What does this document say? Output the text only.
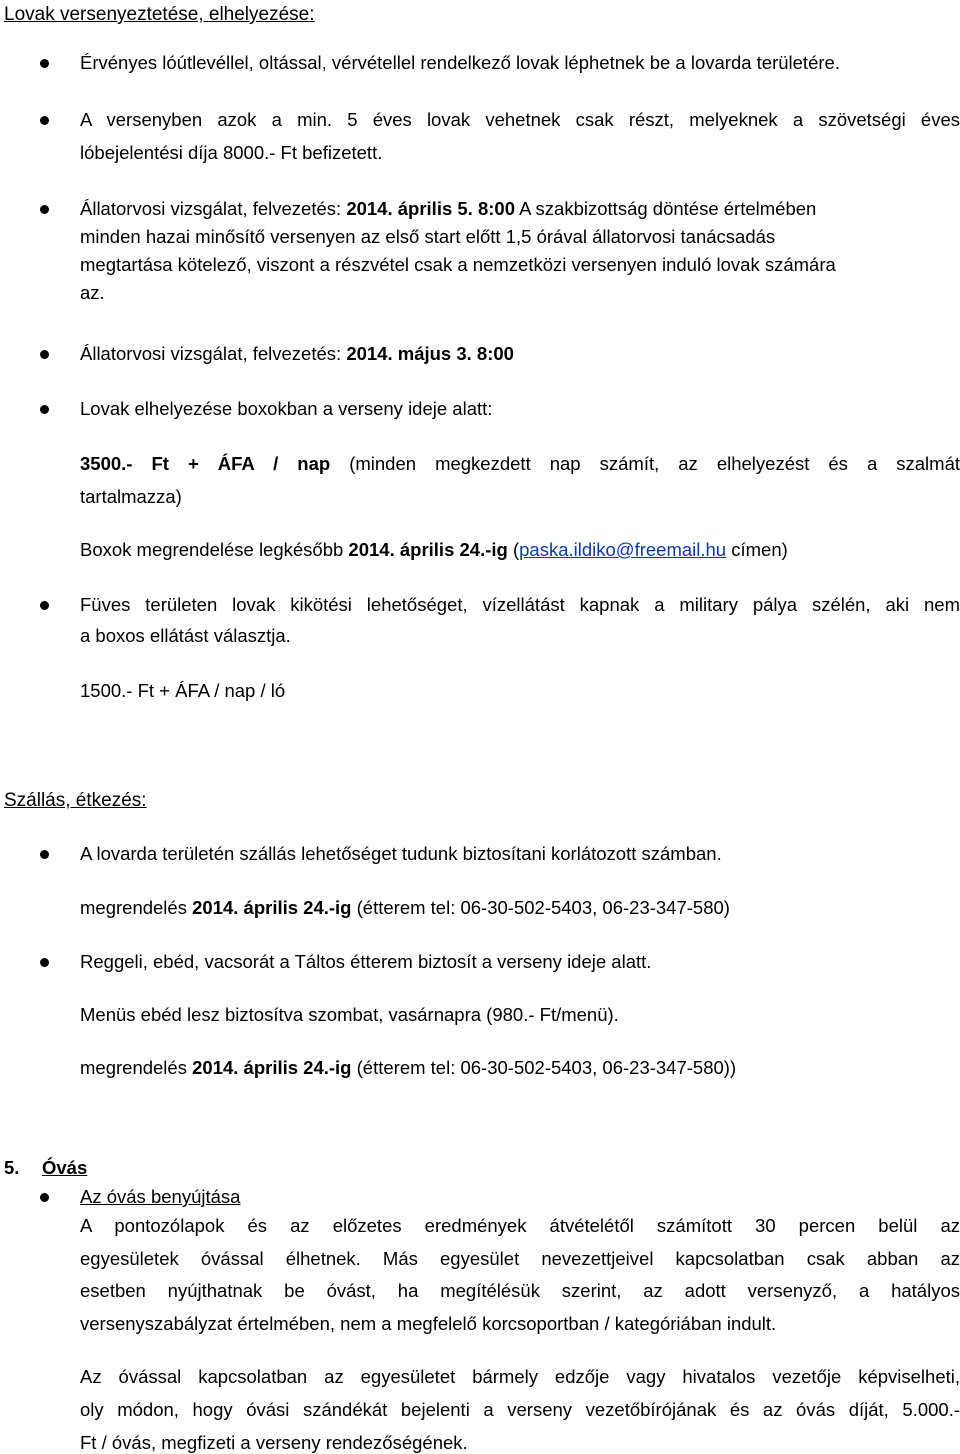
Lovak versenyeztetése, elhelyezése:
Érvényes lóútlevéllel, oltással, vérvétellel rendelkező lovak léphetnek be a lovarda területére.
A versenyben azok a min. 5 éves lovak vehetnek csak részt, melyeknek a szövetségi éves
lóbejelentési díja 8000.- Ft befizetett.
Állatorvosi vizsgálat, felvezetés: 2014. április 5. 8:00 A szakbizottság döntése értelmében
minden hazai minősítő versenyen az első start előtt 1,5 órával állatorvosi tanácsadás
megtartása kötelező, viszont a részvétel csak a nemzetközi versenyen induló lovak számára
az.
Állatorvosi vizsgálat, felvezetés: 2014. május 3. 8:00
Lovak elhelyezése boxokban a verseny ideje alatt:
3500.- Ft + ÁFA / nap (minden megkezdett nap számít, az elhelyezést és a szalmát
tartalmazza)
Boxok megrendelése legkésőbb 2014. április 24.-ig (paska.ildiko@freemail.hu címen)
Füves területen lovak kikötési lehetőséget, vízellátást kapnak a military pálya szélén, aki nem
a boxos ellátást választja.
1500.- Ft + ÁFA / nap / ló
Szállás, étkezés:
A lovarda területén szállás lehetőséget tudunk biztosítani korlátozott számban.
megrendelés 2014. április 24.-ig (étterem tel: 06-30-502-5403, 06-23-347-580)
Reggeli, ebéd, vacsorát a Táltos étterem biztosít a verseny ideje alatt.
Menüs ebéd lesz biztosítva szombat, vasárnapra (980.- Ft/menü).
megrendelés 2014. április 24.-ig (étterem tel: 06-30-502-5403, 06-23-347-580))
5. Óvás
Az óvás benyújtása
A pontozólapok és az előzetes eredmények átvételétől számított 30 percen belül az
egyesületek óvással élhetnek. Más egyesület nevezettjeivel kapcsolatban csak abban az
esetben nyújthatnak be óvást, ha megítélésük szerint, az adott versenyző, a hatályos
versenyszabályzat értelmében, nem a megfelelő korcsoportban / kategóriában indult.
Az óvással kapcsolatban az egyesületet bármely edzője vagy hivatalos vezetője képviselheti,
oly módon, hogy óvási szándékát bejelenti a verseny vezetőbírójának és az óvás díját, 5.000.-
Ft / óvás, megfizeti a verseny rendezőségének.
